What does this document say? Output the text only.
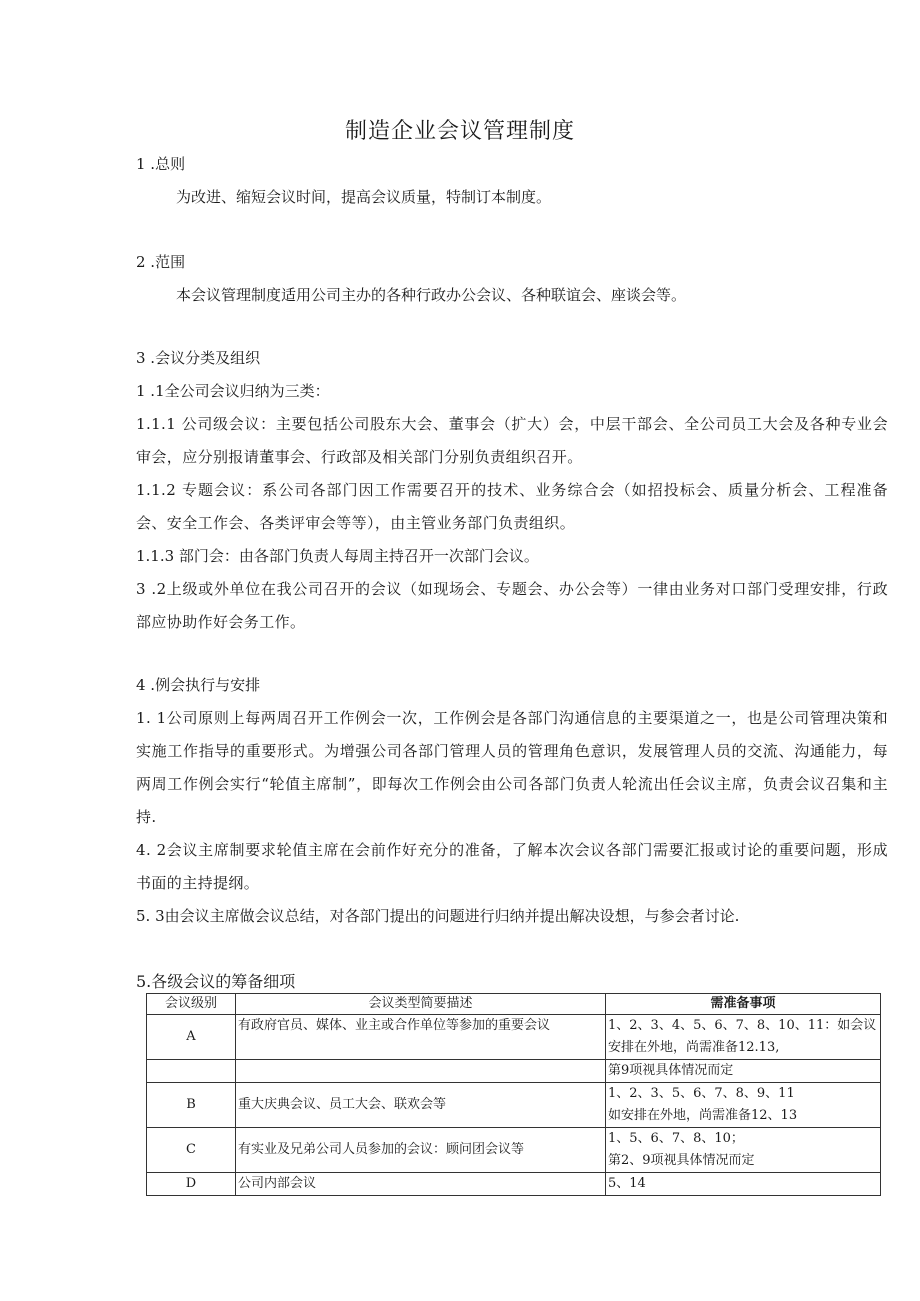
制造企业会议管理制度
1 .总则
为改进、缩短会议时间，提高会议质量，特制订本制度。
2 .范围
本会议管理制度适用公司主办的各种行政办公会议、各种联谊会、座谈会等。
3 .会议分类及组织
1 .1全公司会议归纳为三类：
1.1.1 公司级会议：主要包括公司股东大会、董事会（扩大）会，中层干部会、全公司员工大会及各种专业会审会，应分别报请董事会、行政部及相关部门分别负责组织召开。
1.1.2 专题会议：系公司各部门因工作需要召开的技术、业务综合会（如招投标会、质量分析会、工程准备会、安全工作会、各类评审会等等），由主管业务部门负责组织。
1.1.3 部门会：由各部门负责人每周主持召开一次部门会议。
3 .2上级或外单位在我公司召开的会议（如现场会、专题会、办公会等）一律由业务对口部门受理安排，行政部应协助作好会务工作。
4 .例会执行与安排
1. 1公司原则上每两周召开工作例会一次，工作例会是各部门沟通信息的主要渠道之一，也是公司管理决策和实施工作指导的重要形式。为增强公司各部门管理人员的管理角色意识，发展管理人员的交流、沟通能力，每两周工作例会实行“轮值主席制”，即每次工作例会由公司各部门负责人轮流出任会议主席，负责会议召集和主持.
4. 2会议主席制要求轮值主席在会前作好充分的准备，了解本次会议各部门需要汇报或讨论的重要问题，形成书面的主持提纲。
5. 3由会议主席做会议总结，对各部门提出的问题进行归纳并提出解决设想，与参会者讨论.
5.各级会议的筹备细项
会议级别	会议类型简要描述	需准备事项
A	有政府官员、媒体、业主或合作单位等参加的重要会议	1、2、3、4、5、6、7、8、10、11：如会议安排在外地，尚需准备12.13,
		第9项视具体情况而定
B	重大庆典会议、员工大会、联欢会等	1、2、3、5、6、7、8、9、11
如安排在外地，尚需准备12、13

C	有实业及兄弟公司人员参加的会议：顾问团会议等	1、5、6、7、8、10；
第2、9项视具体情况而定

D	公司内部会议	5、14
